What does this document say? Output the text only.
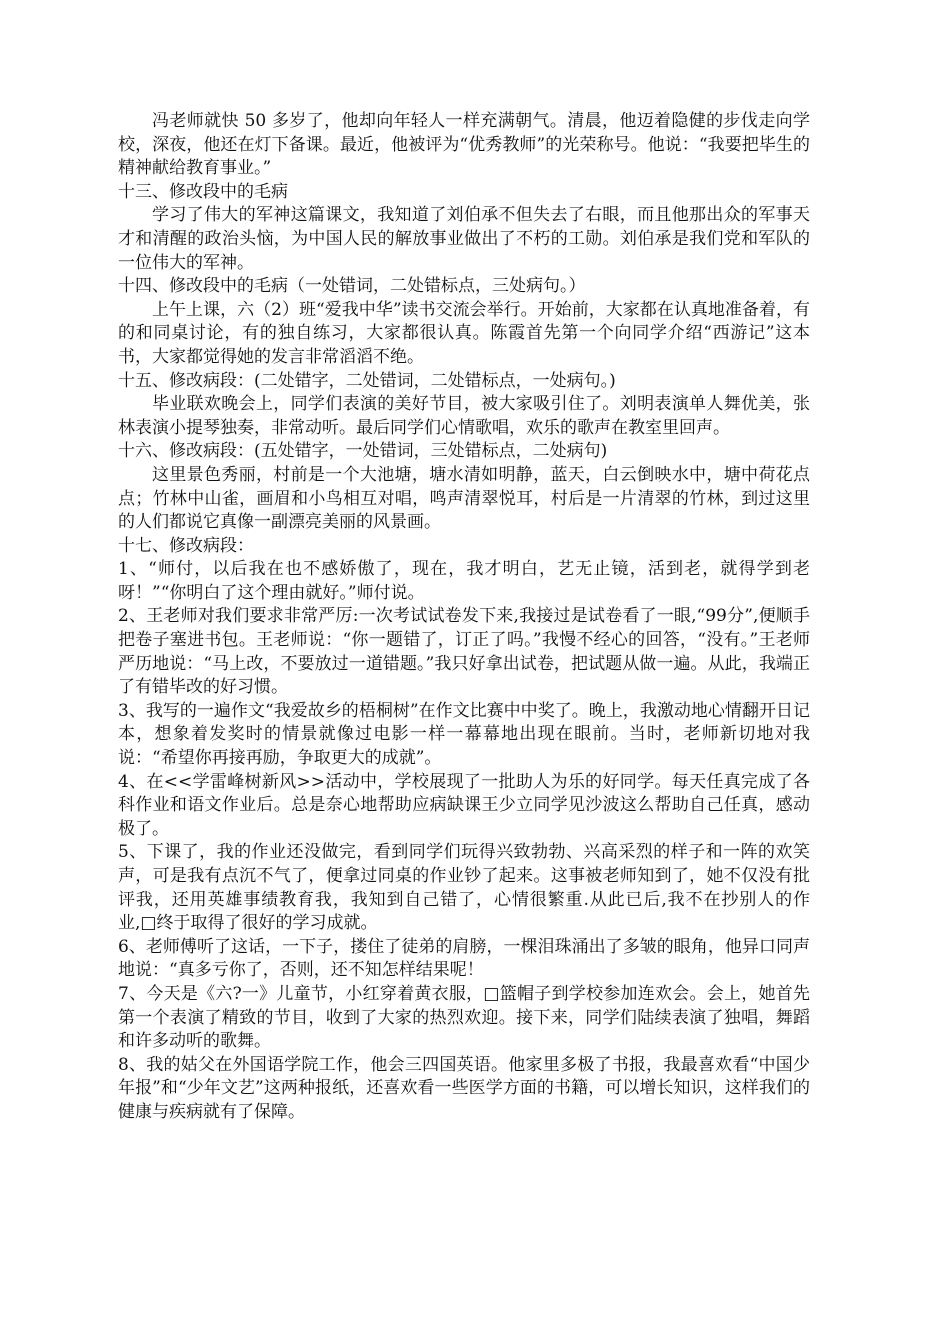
冯老师就快 50 多岁了，他却向年轻人一样充满朝气。清晨，他迈着隐健的步伐走向学校，深夜，他还在灯下备课。最近，他被评为“优秀教师”的光荣称号。他说：“我要把毕生的精神献给教育事业。”

十三、修改段中的毛病

学习了伟大的军神这篇课文，我知道了刘伯承不但失去了右眼，而且他那出众的军事天才和清醒的政治头恼，为中国人民的解放事业做出了不朽的工勋。刘伯承是我们党和军队的一位伟大的军神。

十四、修改段中的毛病（一处错词，二处错标点，三处病句。）

上午上课，六（2）班“爱我中华”读书交流会举行。开始前，大家都在认真地准备着，有的和同桌讨论，有的独自练习，大家都很认真。陈霞首先第一个向同学介绍“西游记”这本书，大家都觉得她的发言非常滔滔不绝。

十五、修改病段：(二处错字，二处错词，二处错标点，一处病句。)

毕业联欢晚会上，同学们表演的美好节目，被大家吸引住了。刘明表演单人舞优美，张林表演小提琴独奏，非常动听。最后同学们心情歌唱，欢乐的歌声在教室里回声。

十六、修改病段：(五处错字，一处错词，三处错标点，二处病句)

这里景色秀丽，村前是一个大池塘，塘水清如明静，蓝天，白云倒映水中，塘中荷花点点；竹林中山雀，画眉和小鸟相互对唱，鸣声清翠悦耳，村后是一片清翠的竹林，到过这里的人们都说它真像一副漂亮美丽的风景画。

十七、修改病段：

1、“师付，以后我在也不感娇傲了，现在，我才明白，艺无止镜，活到老，就得学到老呀！”“你明白了这个理由就好。”师付说。

2、王老师对我们要求非常严厉:一次考试试卷发下来,我接过是试卷看了一眼,“99分”,便顺手把卷子塞进书包。王老师说：“你一题错了，订正了吗。”我慢不经心的回答，“没有。”王老师严历地说：“马上改，不要放过一道错题。”我只好拿出试卷，把试题从做一遍。从此，我端正了有错毕改的好习惯。

3、我写的一遍作文“我爱故乡的梧桐树”在作文比赛中中奖了。晚上，我激动地心情翻开日记本，想象着发奖时的情景就像过电影一样一幕幕地出现在眼前。当时，老师新切地对我说：“希望你再接再励，争取更大的成就”。

4、在<<学雷峰树新风>>活动中，学校展现了一批助人为乐的好同学。每天任真完成了各科作业和语文作业后。总是奈心地帮助应病缺课王少立同学见沙波这么帮助自己任真，感动极了。

5、下课了，我的作业还没做完，看到同学们玩得兴致勃勃、兴高采烈的样子和一阵的欢笑声，可是我有点沉不气了，便拿过同桌的作业钞了起来。这事被老师知到了，她不仅没有批评我，还用英雄事绩教育我，我知到自己错了，心情很繁重.从此已后,我不在抄别人的作业,□终于取得了很好的学习成就。

6、老师傅听了这话，一下子，搂住了徒弟的肩膀，一棵泪珠涌出了多皱的眼角，他异口同声地说：“真多亏你了，否则，还不知怎样结果呢！

7、今天是《六?一》儿童节，小红穿着黄衣服，□篮帽子到学校参加连欢会。会上，她首先第一个表演了精致的节目，收到了大家的热烈欢迎。接下来，同学们陆续表演了独唱，舞蹈和许多动听的歌舞。

8、我的姑父在外国语学院工作，他会三四国英语。他家里多极了书报，我最喜欢看“中国少年报”和“少年文艺”这两种报纸，还喜欢看一些医学方面的书籍，可以增长知识，这样我们的健康与疾病就有了保障。
